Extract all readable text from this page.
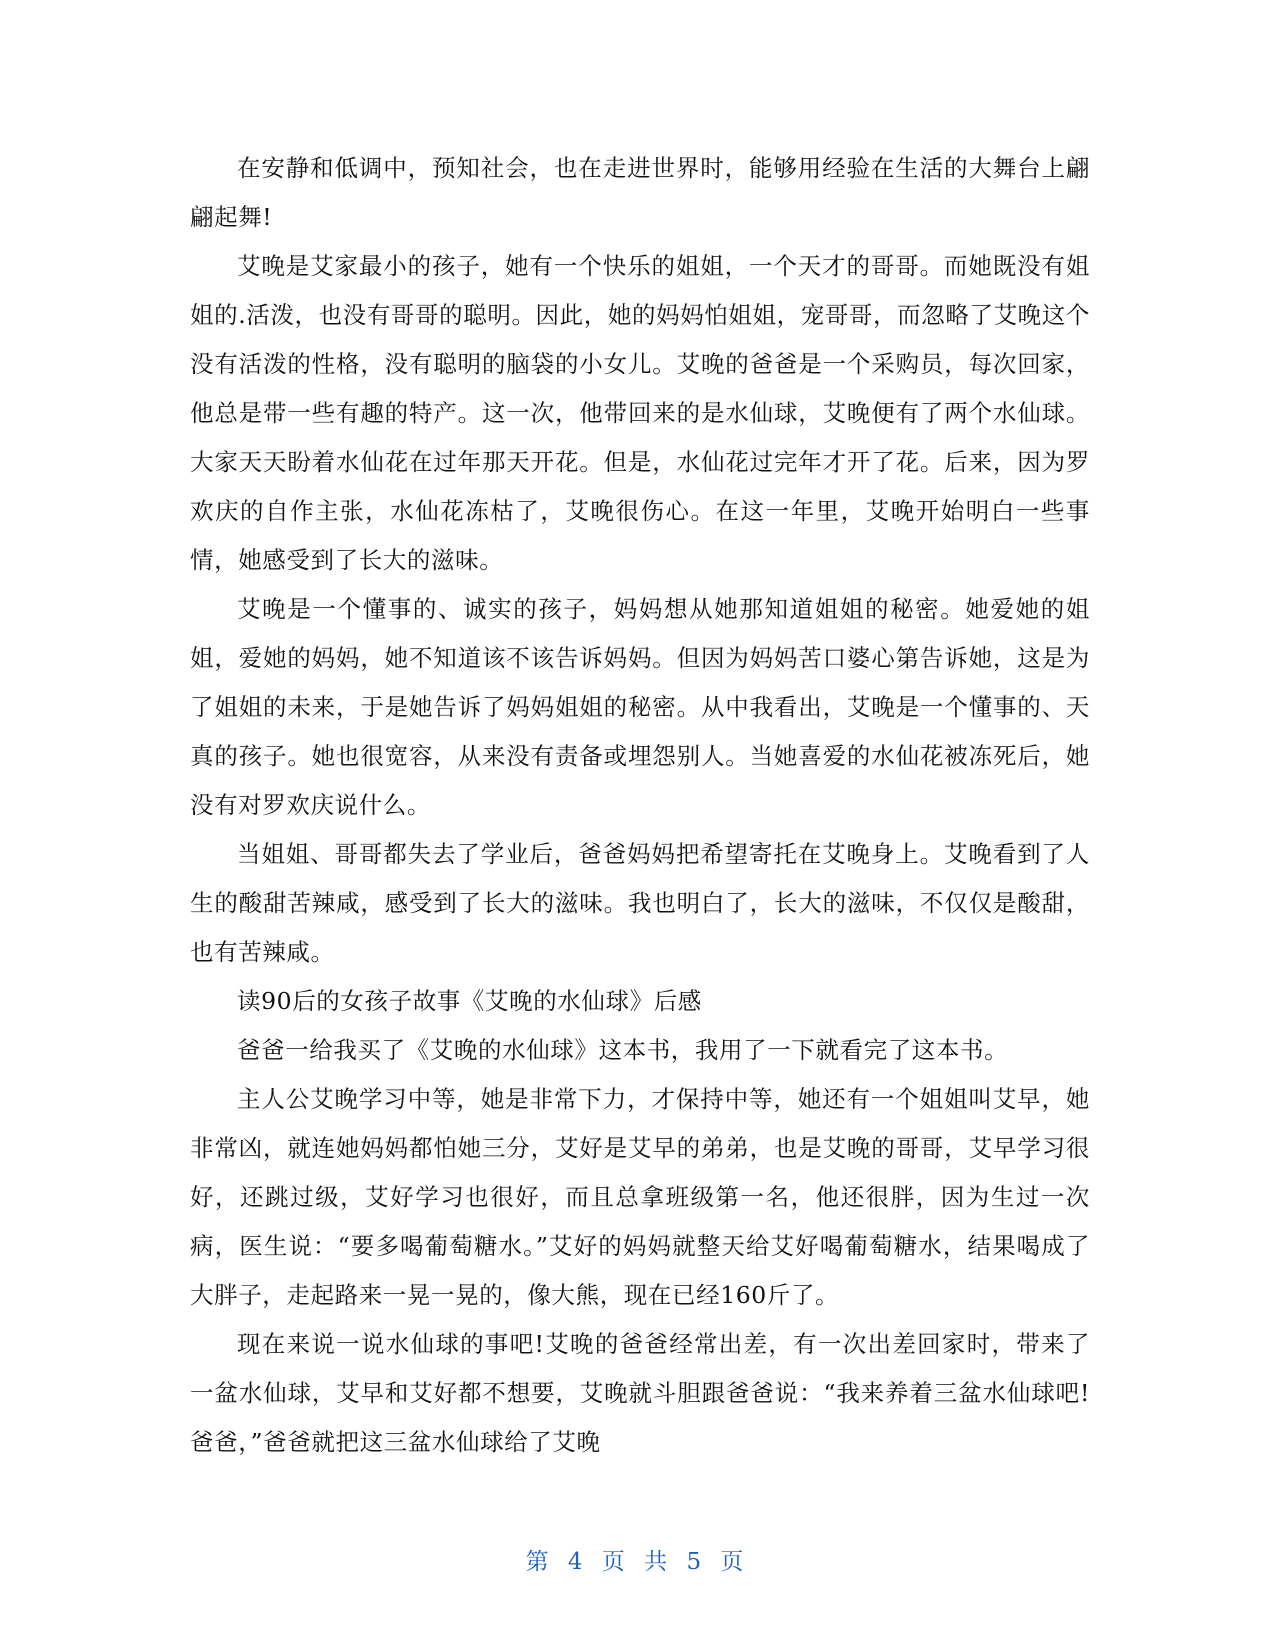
在安静和低调中，预知社会，也在走进世界时，能够用经验在生活的大舞台上翩翩起舞!

艾晚是艾家最小的孩子，她有一个快乐的姐姐，一个天才的哥哥。而她既没有姐姐的.活泼，也没有哥哥的聪明。因此，她的妈妈怕姐姐，宠哥哥，而忽略了艾晚这个没有活泼的性格，没有聪明的脑袋的小女儿。艾晚的爸爸是一个采购员，每次回家，他总是带一些有趣的特产。这一次，他带回来的是水仙球，艾晚便有了两个水仙球。大家天天盼着水仙花在过年那天开花。但是，水仙花过完年才开了花。后来，因为罗欢庆的自作主张，水仙花冻枯了，艾晚很伤心。在这一年里，艾晚开始明白一些事情，她感受到了长大的滋味。

艾晚是一个懂事的、诚实的孩子，妈妈想从她那知道姐姐的秘密。她爱她的姐姐，爱她的妈妈，她不知道该不该告诉妈妈。但因为妈妈苦口婆心第告诉她，这是为了姐姐的未来，于是她告诉了妈妈姐姐的秘密。从中我看出，艾晚是一个懂事的、天真的孩子。她也很宽容，从来没有责备或埋怨别人。当她喜爱的水仙花被冻死后，她没有对罗欢庆说什么。

当姐姐、哥哥都失去了学业后，爸爸妈妈把希望寄托在艾晚身上。艾晚看到了人生的酸甜苦辣咸，感受到了长大的滋味。我也明白了，长大的滋味，不仅仅是酸甜，也有苦辣咸。

读90后的女孩子故事《艾晚的水仙球》后感

爸爸一给我买了《艾晚的水仙球》这本书，我用了一下就看完了这本书。

主人公艾晚学习中等，她是非常下力，才保持中等，她还有一个姐姐叫艾早，她非常凶，就连她妈妈都怕她三分，艾好是艾早的弟弟，也是艾晚的哥哥，艾早学习很好，还跳过级，艾好学习也很好，而且总拿班级第一名，他还很胖，因为生过一次病，医生说：“要多喝葡萄糖水。”艾好的妈妈就整天给艾好喝葡萄糖水，结果喝成了大胖子，走起路来一晃一晃的，像大熊，现在已经160斤了。

现在来说一说水仙球的事吧!艾晚的爸爸经常出差，有一次出差回家时，带来了一盆水仙球，艾早和艾好都不想要，艾晚就斗胆跟爸爸说：“我来养着三盆水仙球吧!爸爸，”爸爸就把这三盆水仙球给了艾晚

第 4 页 共 5 页
